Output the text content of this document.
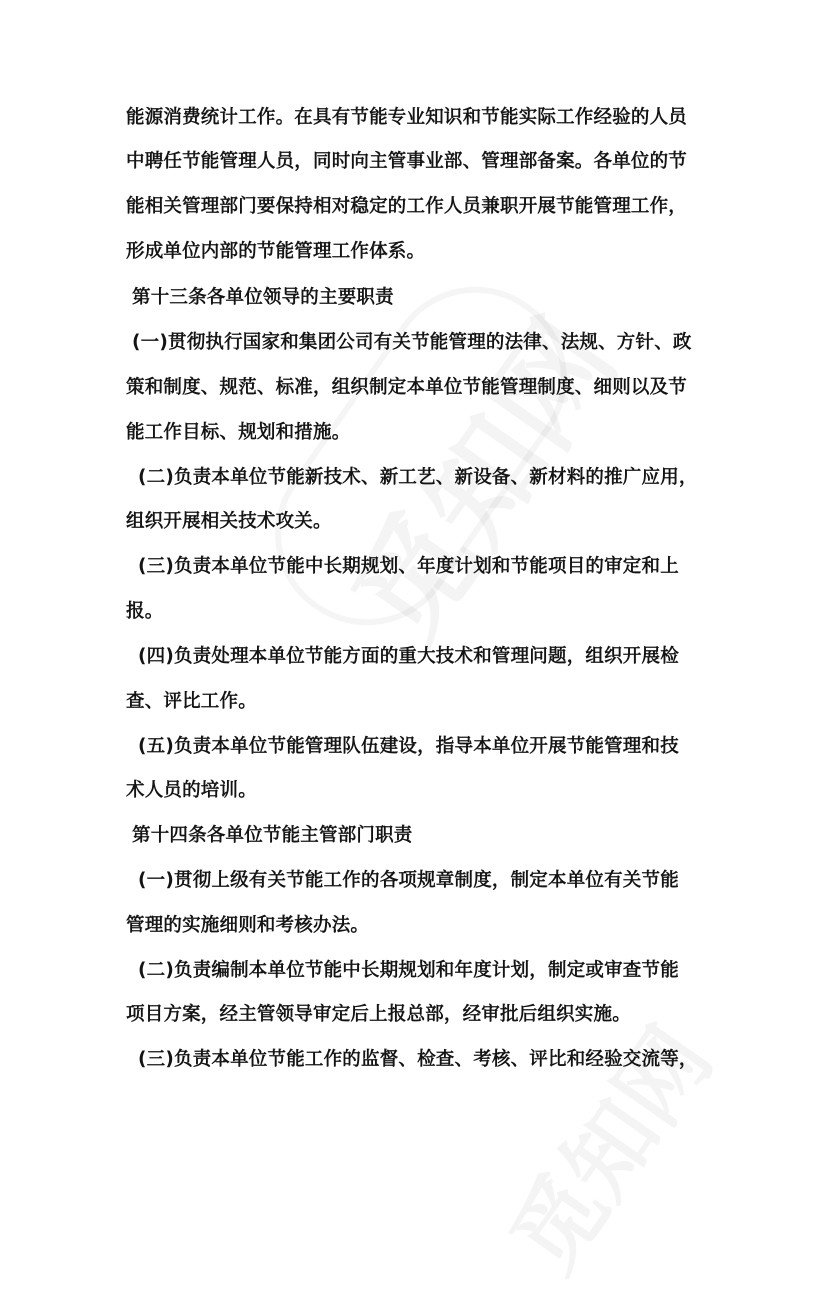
能源消费统计工作。在具有节能专业知识和节能实际工作经验的人员
中聘任节能管理人员，同时向主管事业部、管理部备案。各单位的节
能相关管理部门要保持相对稳定的工作人员兼职开展节能管理工作，
形成单位内部的节能管理工作体系。
第十三条各单位领导的主要职责
(一)贯彻执行国家和集团公司有关节能管理的法律、法规、方针、政
策和制度、规范、标准，组织制定本单位节能管理制度、细则以及节
能工作目标、规划和措施。
(二)负责本单位节能新技术、新工艺、新设备、新材料的推广应用，
组织开展相关技术攻关。
(三)负责本单位节能中长期规划、年度计划和节能项目的审定和上
报。
(四)负责处理本单位节能方面的重大技术和管理问题，组织开展检
查、评比工作。
(五)负责本单位节能管理队伍建设，指导本单位开展节能管理和技
术人员的培训。
第十四条各单位节能主管部门职责
(一)贯彻上级有关节能工作的各项规章制度，制定本单位有关节能
管理的实施细则和考核办法。
(二)负责编制本单位节能中长期规划和年度计划，制定或审查节能
项目方案，经主管领导审定后上报总部，经审批后组织实施。
(三)负责本单位节能工作的监督、检查、考核、评比和经验交流等，
